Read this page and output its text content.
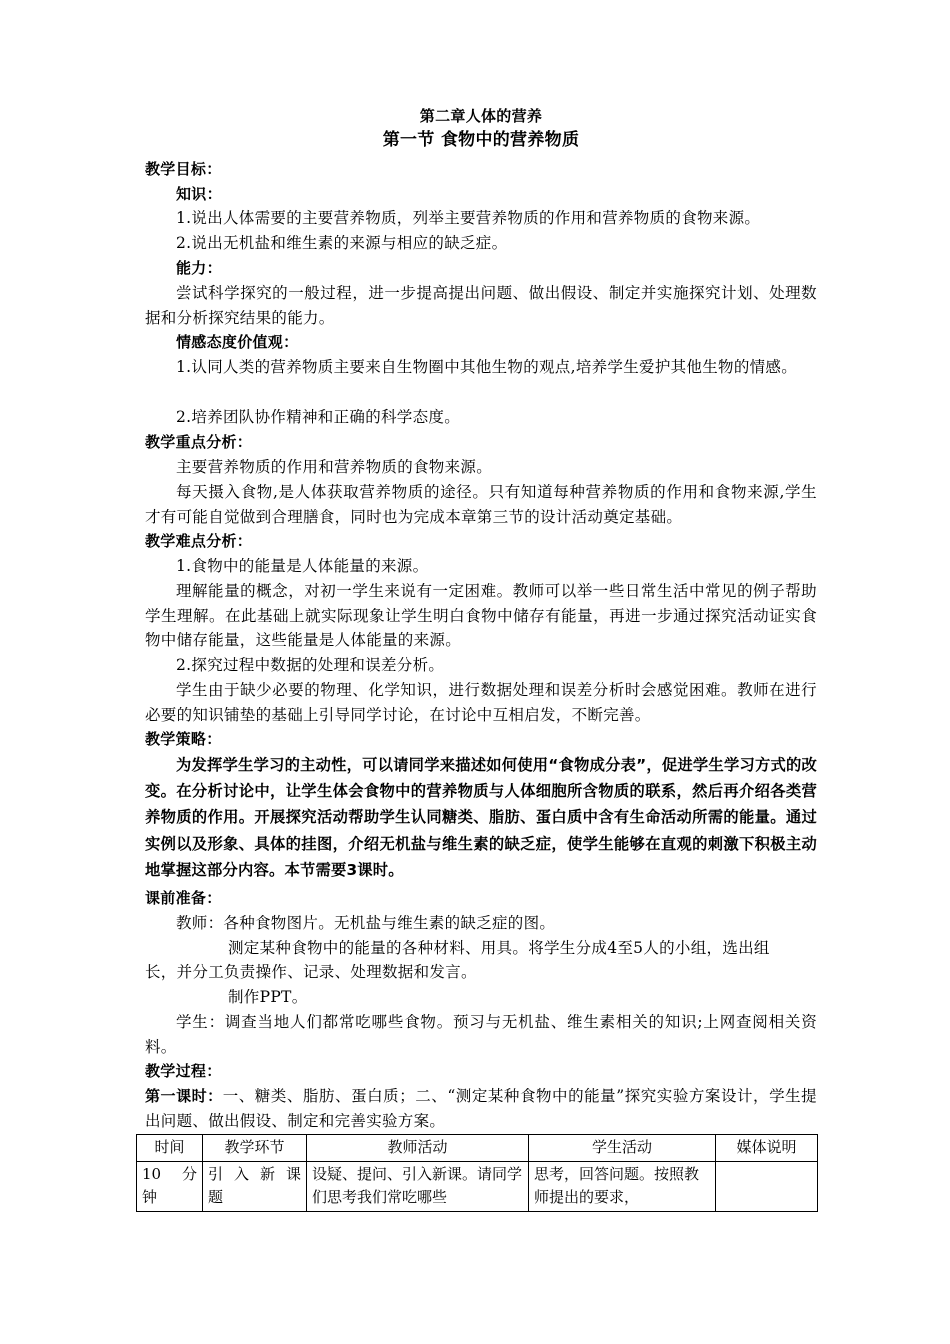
第二章人体的营养
第一节 食物中的营养物质
教学目标：
知识：
1.说出人体需要的主要营养物质，列举主要营养物质的作用和营养物质的食物来源。
2.说出无机盐和维生素的来源与相应的缺乏症。
能力：
尝试科学探究的一般过程，进一步提高提出问题、做出假设、制定并实施探究计划、处理数据和分析探究结果的能力。
情感态度价值观：
1.认同人类的营养物质主要来自生物圈中其他生物的观点,培养学生爱护其他生物的情感。
2.培养团队协作精神和正确的科学态度。
教学重点分析：
主要营养物质的作用和营养物质的食物来源。
每天摄入食物,是人体获取营养物质的途径。只有知道每种营养物质的作用和食物来源,学生才有可能自觉做到合理膳食，同时也为完成本章第三节的设计活动奠定基础。
教学难点分析：
1.食物中的能量是人体能量的来源。
理解能量的概念，对初一学生来说有一定困难。教师可以举一些日常生活中常见的例子帮助学生理解。在此基础上就实际现象让学生明白食物中储存有能量，再进一步通过探究活动证实食物中储存能量，这些能量是人体能量的来源。
2.探究过程中数据的处理和误差分析。
学生由于缺少必要的物理、化学知识，进行数据处理和误差分析时会感觉困难。教师在进行必要的知识铺垫的基础上引导同学讨论，在讨论中互相启发，不断完善。
教学策略：
为发挥学生学习的主动性，可以请同学来描述如何使用“食物成分表”，促进学生学习方式的改变。在分析讨论中，让学生体会食物中的营养物质与人体细胞所含物质的联系，然后再介绍各类营养物质的作用。开展探究活动帮助学生认同糖类、脂肪、蛋白质中含有生命活动所需的能量。通过实例以及形象、具体的挂图，介绍无机盐与维生素的缺乏症，使学生能够在直观的刺激下积极主动地掌握这部分内容。本节需要3课时。
课前准备：
教师：各种食物图片。无机盐与维生素的缺乏症的图。
测定某种食物中的能量的各种材料、用具。将学生分成4至5人的小组，选出组
长，并分工负责操作、记录、处理数据和发言。
制作PPT。
学生：调查当地人们都常吃哪些食物。预习与无机盐、维生素相关的知识;上网查阅相关资料。
教学过程：
第一课时：一、糖类、脂肪、蛋白质；二、“测定某种食物中的能量”探究实验方案设计，学生提出问题、做出假设、制定和完善实验方案。
时间	教学环节	教师活动	学生活动	媒体说明
10　分钟	引 入 新 课 题	设疑、提问、引入新课。请同学们思考我们常吃哪些	思考，回答问题。按照教师提出的要求，	
